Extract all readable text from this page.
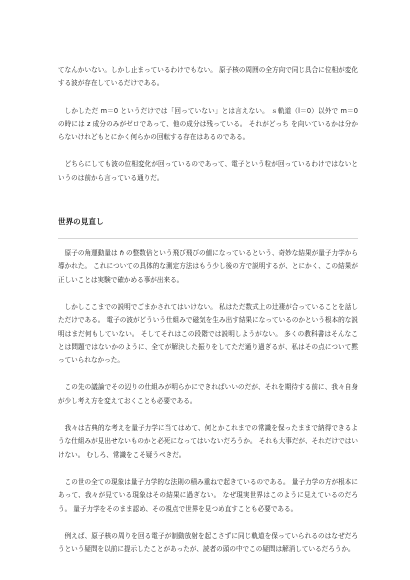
てなんかいない。しかし止まっているわけでもない。 原子核の周囲の全方向で同じ具合に位相が変化する波が存在しているだけである。

しかしただ m＝0 というだけでは「回っていない」とは言えない。 ｓ軌道（l＝0）以外で m＝0 の時には z 成分のみがゼロであって、他の成分は残っている。 それがどっち を向いているかは分からないけれどもとにかく何らかの回転する存在はあるのである。

どちらにしても波の位相変化が回っているのであって、電子という粒が回っているわけではないというのは前から言っている通りだ。

世界の見直し

原子の角運動量は ℏ の整数倍という飛び飛びの値になっているという、奇妙な結果が量子力学から導かれた。 これについての具体的な測定方法はもう少し後の方で説明するが、とにかく、この結果が正しいことは実験で確かめる事が出来る。

しかしここまでの説明でごまかされてはいけない。 私はただ数式上の辻褄が合っていることを話しただけである。 電子の波がどういう仕組みで磁気を生み出す結果になっているのかという根本的な説明はまだ何もしていない。 そしてそれはこの段階では説明しようがない。 多くの教科書はそんなことは問題ではないかのように、全てが解決した振りをしてただ通り過ぎるが、私はその点について黙っていられなかった。

この先の議論でその辺りの仕組みが明らかにできればいいのだが、それを期待する前に、我々自身が少し考え方を変えておくことも必要である。

我々は古典的な考えを量子力学に当てはめて、何とかこれまでの常識を保ったままで納得できるような仕組みが見出せないものかと必死になってはいないだろうか。 それも大事だが、それだけではいけない。 むしろ、常識をこそ疑うべきだ。

この世の全ての現象は量子力学的な法則の積み重ねで起きているのである。 量子力学の方が根本にあって、我々が見ている現象はその結果に過ぎない。 なぜ現実世界はこのように見えているのだろう。 量子力学をそのまま認め、その視点で世界を見つめ直すことも必要である。

例えば、原子核の周りを回る電子が制動放射を起こさずに同じ軌道を保っていられるのはなぜだろうという疑問を以前に提示したことがあったが、読者の頭の中でこの疑問は解消しているだろうか。
